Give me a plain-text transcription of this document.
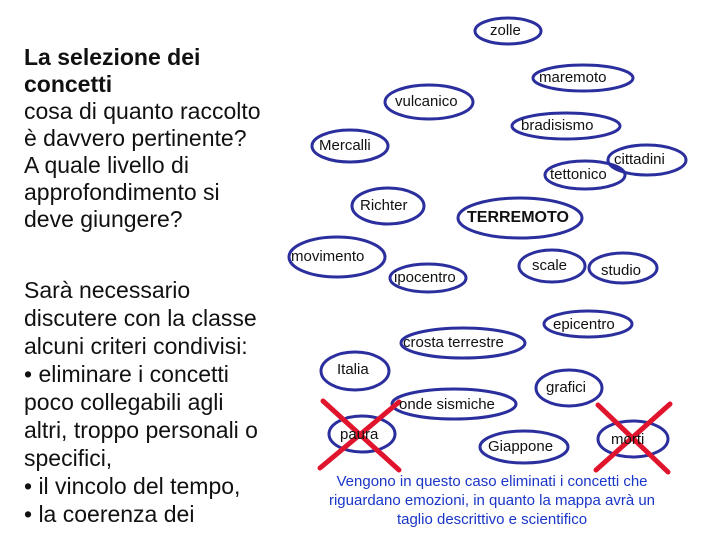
La selezione dei
concetti
cosa di quanto raccolto
è davvero pertinente?
A quale livello di
approfondimento si
deve giungere?
Sarà necessario
discutere con la classe
alcuni criteri condivisi:
• eliminare i concetti
poco collegabili agli
altri, troppo personali o
specifici,
• il vincolo del tempo,
• la coerenza dei
zolle
maremoto
vulcanico
bradisismo
Mercalli
cittadini
tettonico
Richter
TERREMOTO
movimento
ipocentro
scale studio
epicentro
crosta terrestre
Italia
grafici
onde sismiche
paura
Giappone	morti
Vengono in questo caso eliminati i concetti che
riguardano emozioni, in quanto la mappa avrà un
taglio descrittivo e scientifico
